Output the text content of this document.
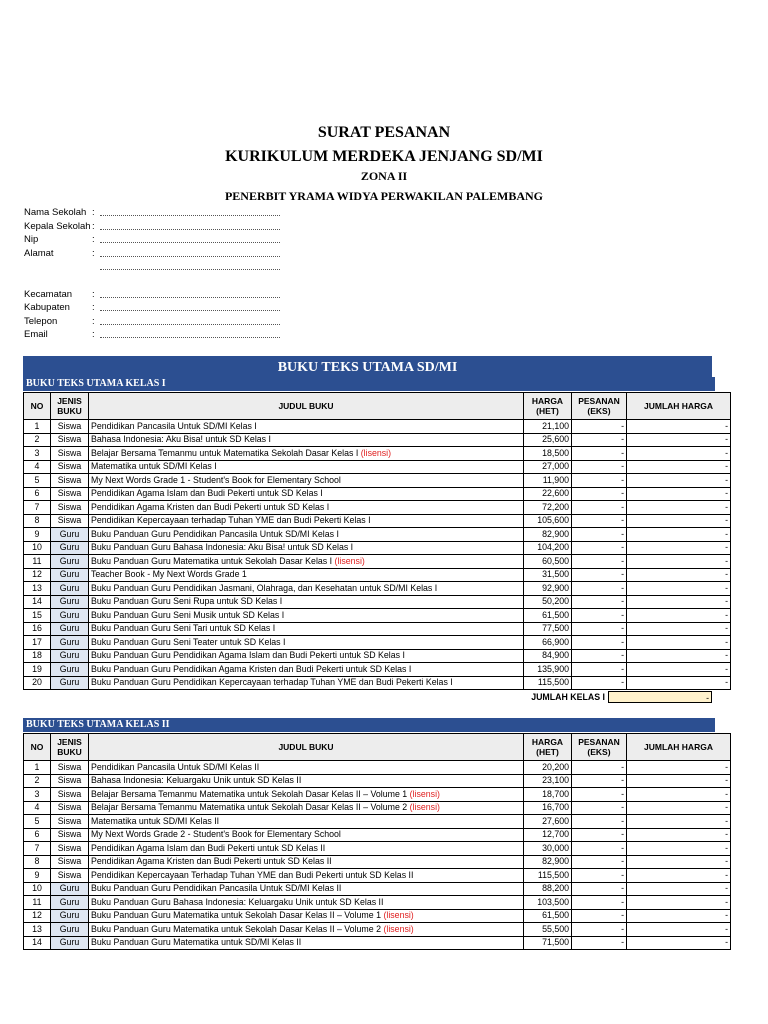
SURAT PESANAN
KURIKULUM MERDEKA JENJANG SD/MI
ZONA II
PENERBIT YRAMA WIDYA PERWAKILAN PALEMBANG
Nama Sekolah :
Kepala Sekolah :
Nip	:
Alamat	:
Kecamatan	:
Kabupaten	:
Telepon	:
Email	:
BUKU TEKS UTAMA SD/MI
BUKU TEKS UTAMA KELAS I
NO	JENIS BUKU	JUDUL BUKU	HARGA (HET)	PESANAN (EKS)	JUMLAH HARGA
1	Siswa	Pendidikan Pancasila Untuk SD/MI Kelas I	21,100	-	-
2	Siswa	Bahasa Indonesia: Aku Bisa! untuk SD Kelas I	25,600	-	-
3	Siswa	Belajar Bersama Temanmu untuk Matematika Sekolah Dasar Kelas I (lisensi)	18,500	-	-
4	Siswa	Matematika untuk SD/MI Kelas I	27,000	-	-
5	Siswa	My Next Words Grade 1 - Student's Book for Elementary School	11,900	-	-
6	Siswa	Pendidikan Agama Islam dan Budi Pekerti untuk SD Kelas I	22,600	-	-
7	Siswa	Pendidikan Agama Kristen dan Budi Pekerti untuk SD Kelas I	72,200	-	-
8	Siswa	Pendidikan Kepercayaan terhadap Tuhan YME dan Budi Pekerti Kelas I	105,600	-	-
9	Guru	Buku Panduan Guru Pendidikan Pancasila Untuk SD/MI Kelas I	82,900	-	-
10	Guru	Buku Panduan Guru Bahasa Indonesia: Aku Bisa! untuk SD Kelas I	104,200	-	-
11	Guru	Buku Panduan Guru Matematika untuk Sekolah Dasar Kelas I (lisensi)	60,500	-	-
12	Guru	Teacher Book - My Next Words Grade 1	31,500	-	-
13	Guru	Buku Panduan Guru Pendidikan Jasmani, Olahraga, dan Kesehatan untuk SD/MI Kelas I	92,900	-	-
14	Guru	Buku Panduan Guru Seni Rupa untuk SD Kelas I	50,200	-	-
15	Guru	Buku Panduan Guru Seni Musik untuk SD Kelas I	61,500	-	-
16	Guru	Buku Panduan Guru Seni Tari untuk SD Kelas I	77,500	-	-
17	Guru	Buku Panduan Guru Seni Teater untuk SD Kelas I	66,900	-	-
18	Guru	Buku Panduan Guru Pendidikan Agama Islam dan Budi Pekerti untuk SD Kelas I	84,900	-	-
19	Guru	Buku Panduan Guru Pendidikan Agama Kristen dan Budi Pekerti untuk SD Kelas I	135,900	-	-
20	Guru	Buku Panduan Guru Pendidikan Kepercayaan terhadap Tuhan YME dan Budi Pekerti Kelas I	115,500	-	-
JUMLAH KELAS I	-
BUKU TEKS UTAMA KELAS II
NO	JENIS BUKU	JUDUL BUKU	HARGA (HET)	PESANAN (EKS)	JUMLAH HARGA
1	Siswa	Pendidikan Pancasila Untuk SD/MI Kelas II	20,200	-	-
2	Siswa	Bahasa Indonesia: Keluargaku Unik untuk SD Kelas II	23,100	-	-
3	Siswa	Belajar Bersama Temanmu Matematika untuk Sekolah Dasar Kelas II – Volume 1 (lisensi)	18,700	-	-
4	Siswa	Belajar Bersama Temanmu Matematika untuk Sekolah Dasar Kelas II – Volume 2 (lisensi)	16,700	-	-
5	Siswa	Matematika untuk SD/MI Kelas II	27,600	-	-
6	Siswa	My Next Words Grade 2 - Student's Book for Elementary School	12,700	-	-
7	Siswa	Pendidikan Agama Islam dan Budi Pekerti untuk SD Kelas II	30,000	-	-
8	Siswa	Pendidikan Agama Kristen dan Budi Pekerti untuk SD Kelas II	82,900	-	-
9	Siswa	Pendidikan Kepercayaan Terhadap Tuhan YME dan Budi Pekerti untuk SD Kelas II	115,500	-	-
10	Guru	Buku Panduan Guru Pendidikan Pancasila Untuk SD/MI Kelas II	88,200	-	-
11	Guru	Buku Panduan Guru Bahasa Indonesia: Keluargaku Unik untuk SD Kelas II	103,500	-	-
12	Guru	Buku Panduan Guru Matematika untuk Sekolah Dasar Kelas II – Volume 1 (lisensi)	61,500	-	-
13	Guru	Buku Panduan Guru Matematika untuk Sekolah Dasar Kelas II – Volume 2 (lisensi)	55,500	-	-
14	Guru	Buku Panduan Guru Matematika untuk SD/MI Kelas II	71,500	-	-
